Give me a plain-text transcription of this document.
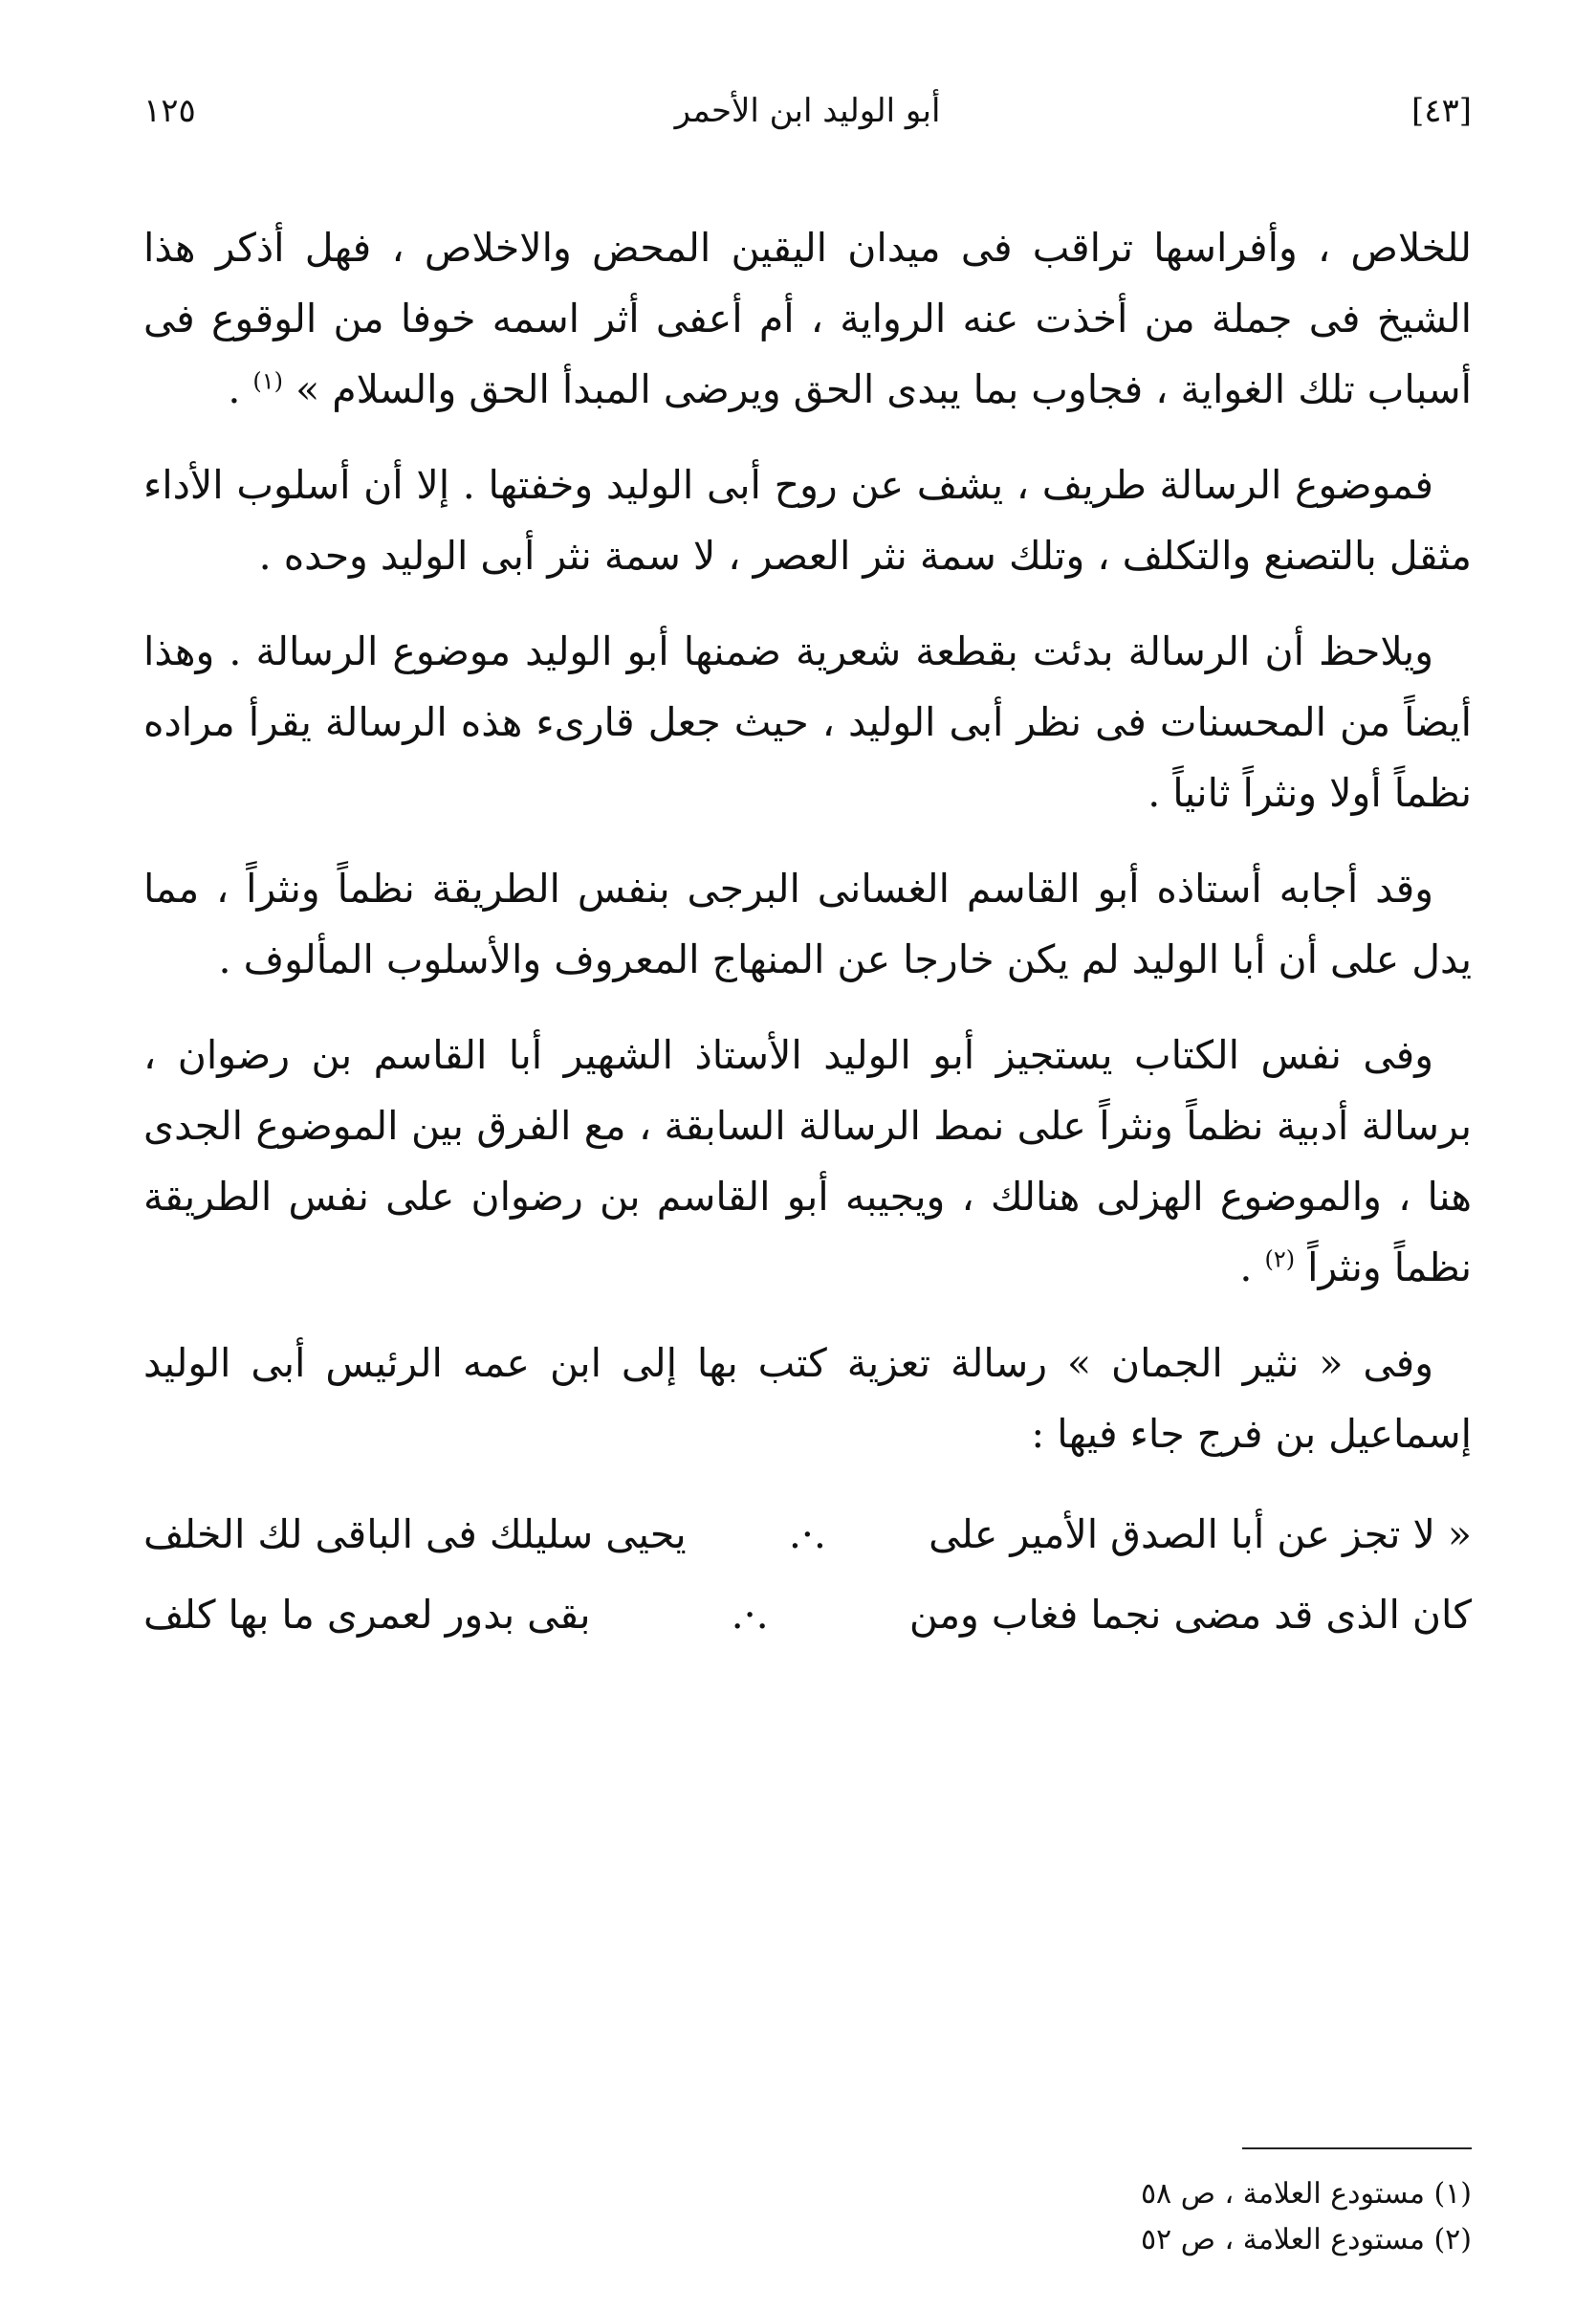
[٤٣]
أبو الوليد ابن الأحمر
١٢٥

للخلاص ، وأفراسها تراقب فى ميدان اليقين المحض والاخلاص ، فهل أذكر هذا الشيخ فى جملة من أخذت عنه الرواية ، أم أعفى أثر اسمه خوفا من الوقوع فى أسباب تلك الغواية ، فجاوب بما يبدى الحق ويرضى المبدأ الحق والسلام » $^{(١)}$ .

فموضوع الرسالة طريف ، يشف عن روح أبى الوليد وخفتها . إلا أن أسلوب الأداء مثقل بالتصنع والتكلف ، وتلك سمة نثر العصر ، لا سمة نثر أبى الوليد وحده .

ويلاحظ أن الرسالة بدئت بقطعة شعرية ضمنها أبو الوليد موضوع الرسالة . وهذا أيضاً من المحسنات فى نظر أبى الوليد ، حيث جعل قارىء هذه الرسالة يقرأ مراده نظماً أولا ونثراً ثانياً .

وقد أجابه أستاذه أبو القاسم الغسانى البرجى بنفس الطريقة نظماً ونثراً ، مما يدل على أن أبا الوليد لم يكن خارجا عن المنهاج المعروف والأسلوب المألوف .

وفى نفس الكتاب يستجيز أبو الوليد الأستاذ الشهير أبا القاسم بن رضوان ، برسالة أدبية نظماً ونثراً على نمط الرسالة السابقة ، مع الفرق بين الموضوع الجدى هنا ، والموضوع الهزلى هنالك ، ويجيبه أبو القاسم بن رضوان على نفس الطريقة نظماً ونثراً $^{(٢)}$ .

وفى « نثير الجمان » رسالة تعزية كتب بها إلى ابن عمه الرئيس أبى الوليد إسماعيل بن فرج جاء فيها :

« لا تجز عن أبا الصدق الأمير على
.·.
يحيى سليلك فى الباقى لك الخلف
كان الذى قد مضى نجما فغاب ومن
.·.
بقى بدور لعمرى ما بها كلف
(١) مستودع العلامة ، ص ٥٨
(٢) مستودع العلامة ، ص ٥٢
